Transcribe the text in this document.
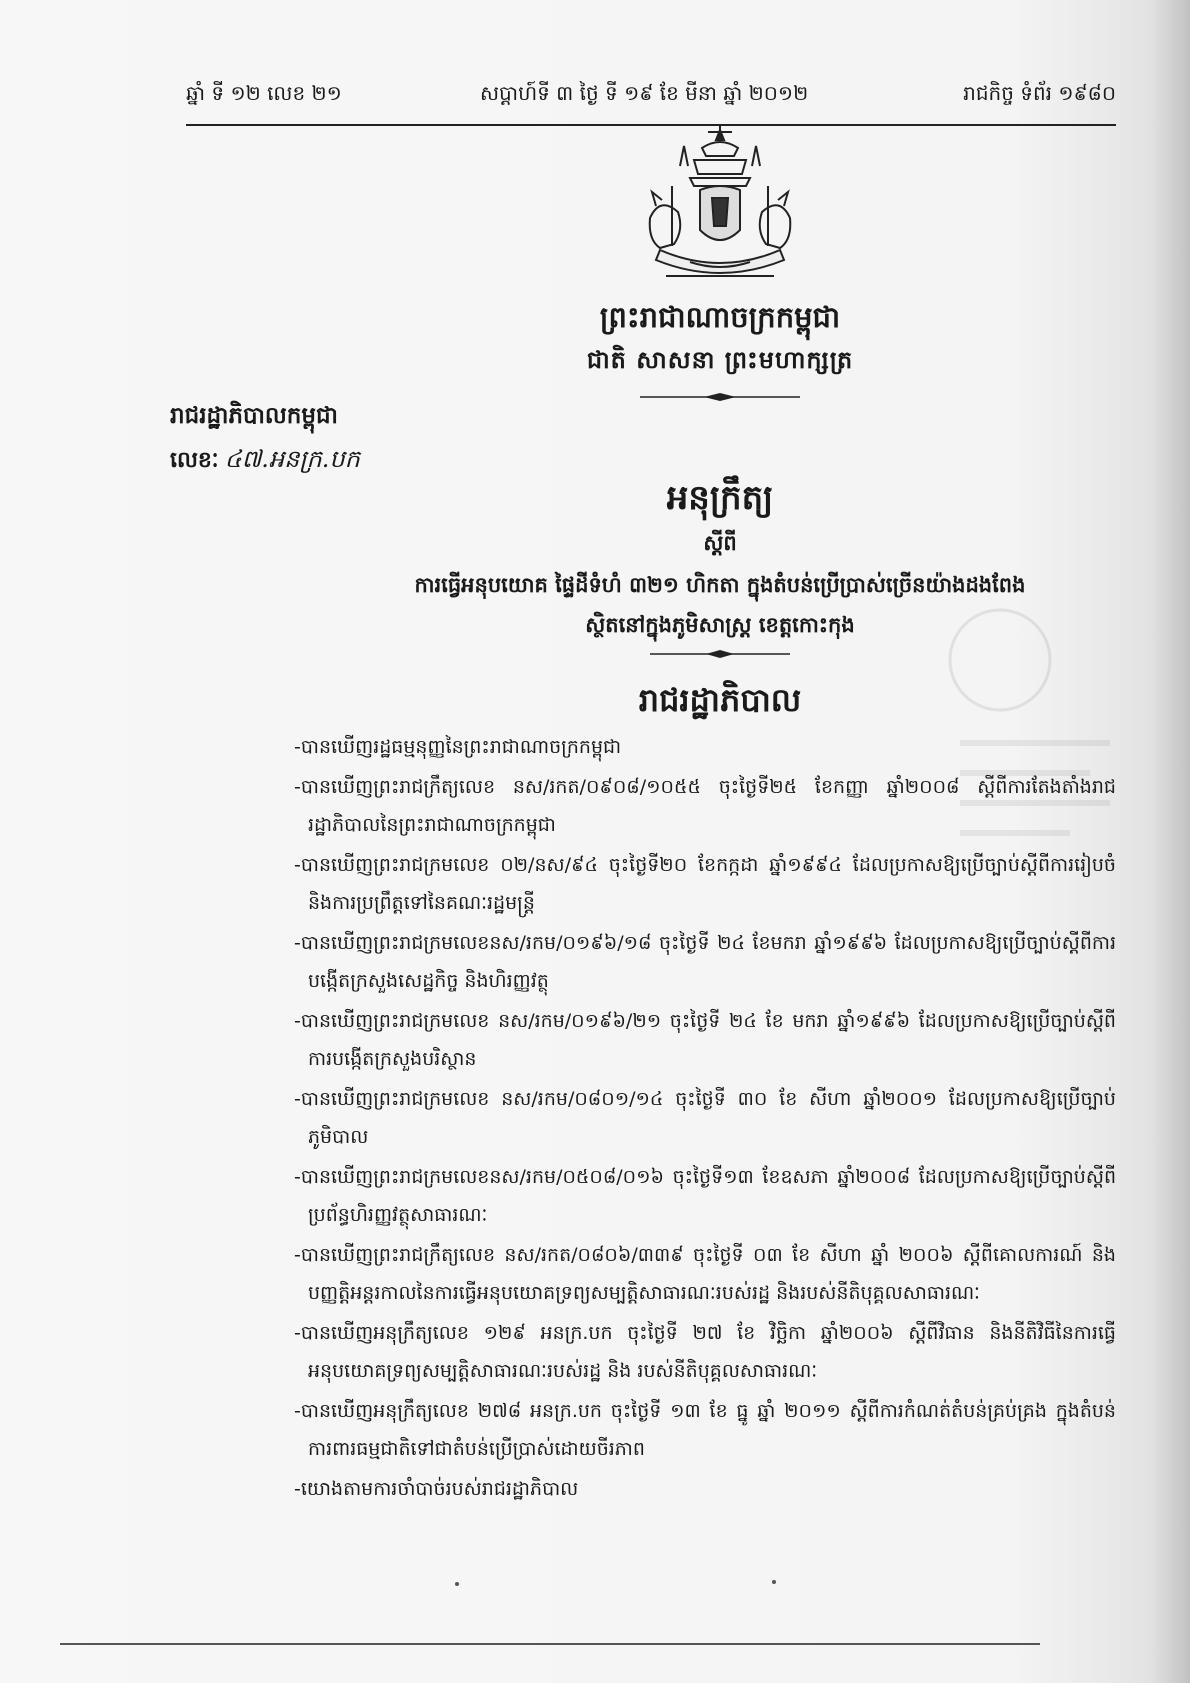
ឆ្នាំ ទី ១២ លេខ ២១	សប្តាហ៍ទី ៣ ថ្ងៃ ទី ១៩ ខែ មីនា ឆ្នាំ ២០១២	រាជកិច្ច ទំព័រ ១៩៨០
ព្រះរាជាណាចក្រកម្ពុជា
ជាតិ សាសនា ព្រះមហាក្សត្រ
រាជរដ្ឋាភិបាលកម្ពុជា
លេខៈ ៤៧.អនក្រ.បក
អនុក្រឹត្យ
ស្តីពី
ការធ្វើអនុបយោគ ផ្ទៃដីទំហំ ៣២១ ហិកតា ក្នុងតំបន់ប្រើប្រាស់ច្រើនយ៉ាងដងពែង
ស្ថិតនៅក្នុងភូមិសាស្ត្រ ខេត្តកោះកុង
រាជរដ្ឋាភិបាល
-បានឃើញរដ្ឋធម្មនុញ្ញនៃព្រះរាជាណាចក្រកម្ពុជា
-បានឃើញព្រះរាជក្រឹត្យលេខ នស/រកត/០៩០៨/១០៥៥ ចុះថ្ងៃទី២៥ ខែកញ្ញា ឆ្នាំ២០០៨ ស្តីពីការតែងតាំងរាជរដ្ឋាភិបាលនៃព្រះរាជាណាចក្រកម្ពុជា
-បានឃើញព្រះរាជក្រមលេខ ០២/នស/៩៤ ចុះថ្ងៃទី២០ ខែកក្កដា ឆ្នាំ១៩៩៤ ដែលប្រកាសឱ្យប្រើច្បាប់ស្តីពីការរៀបចំ និងការប្រព្រឹត្តទៅនៃគណៈរដ្ឋមន្ត្រី
-បានឃើញព្រះរាជក្រមលេខនស/រកម/០១៩៦/១៨ ចុះថ្ងៃទី ២៤ ខែមករា ឆ្នាំ១៩៩៦ ដែលប្រកាសឱ្យប្រើច្បាប់ស្តីពីការបង្កើតក្រសួងសេដ្ឋកិច្ច និងហិរញ្ញវត្ថុ
-បានឃើញព្រះរាជក្រមលេខ នស/រកម/០១៩៦/២១ ចុះថ្ងៃទី ២៤ ខែ មករា ឆ្នាំ១៩៩៦ ដែលប្រកាសឱ្យប្រើច្បាប់ស្តីពីការបង្កើតក្រសួងបរិស្ថាន
-បានឃើញព្រះរាជក្រមលេខ នស/រកម/០៨០១/១៤ ចុះថ្ងៃទី ៣០ ខែ សីហា ឆ្នាំ២០០១ ដែលប្រកាសឱ្យប្រើច្បាប់ភូមិបាល
-បានឃើញព្រះរាជក្រមលេខនស/រកម/០៥០៨/០១៦ ចុះថ្ងៃទី១៣ ខែឧសភា ឆ្នាំ២០០៨ ដែលប្រកាសឱ្យប្រើច្បាប់ស្តីពីប្រព័ន្ធហិរញ្ញវត្ថុសាធារណៈ
-បានឃើញព្រះរាជក្រឹត្យលេខ នស/រកត/០៨០៦/៣៣៩ ចុះថ្ងៃទី ០៣ ខែ សីហា ឆ្នាំ ២០០៦ ស្តីពីគោលការណ៍ និងបញ្ញត្តិអន្តរកាលនៃការធ្វើអនុបយោគទ្រព្យសម្បត្តិសាធារណៈរបស់រដ្ឋ និងរបស់នីតិបុគ្គលសាធារណៈ
-បានឃើញអនុក្រឹត្យលេខ ១២៩ អនក្រ.បក ចុះថ្ងៃទី ២៧ ខែ វិច្ឆិកា ឆ្នាំ២០០៦ ស្តីពីវិធាន និងនីតិវិធីនៃការធ្វើអនុបយោគទ្រព្យសម្បត្តិសាធារណៈរបស់រដ្ឋ និង របស់នីតិបុគ្គលសាធារណៈ
-បានឃើញអនុក្រឹត្យលេខ ២៧៨ អនក្រ.បក ចុះថ្ងៃទី ១៣ ខែ ធ្នូ ឆ្នាំ ២០១១ ស្តីពីការកំណត់តំបន់គ្រប់គ្រង ក្នុងតំបន់ការពារធម្មជាតិទៅជាតំបន់ប្រើប្រាស់ដោយចីរភាព
-យោងតាមការចាំបាច់របស់រាជរដ្ឋាភិបាល
